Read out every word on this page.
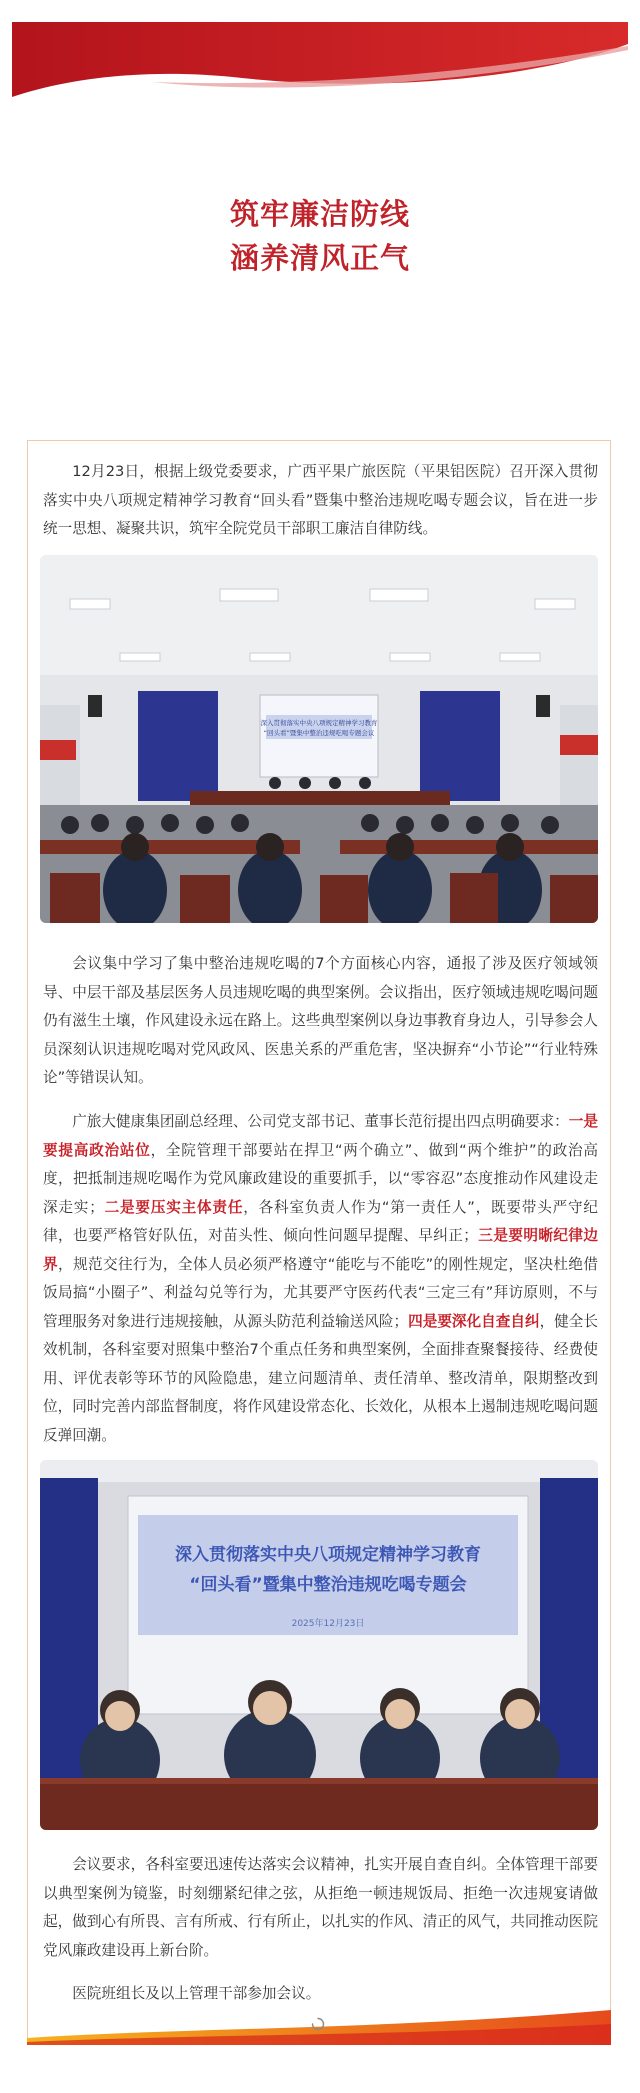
筑牢廉洁防线
涵养清风正气

12月23日，根据上级党委要求，广西平果广旅医院（平果铝医院）召开深入贯彻落实中央八项规定精神学习教育“回头看”暨集中整治违规吃喝专题会议，旨在进一步统一思想、凝聚共识，筑牢全院党员干部职工廉洁自律防线。

深入贯彻落实中央八项规定精神学习教育
“回头看”暨集中整治违规吃喝专题会议

会议集中学习了集中整治违规吃喝的7个方面核心内容，通报了涉及医疗领域领导、中层干部及基层医务人员违规吃喝的典型案例。会议指出，医疗领域违规吃喝问题仍有滋生土壤，作风建设永远在路上。这些典型案例以身边事教育身边人，引导参会人员深刻认识违规吃喝对党风政风、医患关系的严重危害，坚决摒弃“小节论”“行业特殊论”等错误认知。

广旅大健康集团副总经理、公司党支部书记、董事长范衍提出四点明确要求：一是要提高政治站位，全院管理干部要站在捍卫“两个确立”、做到“两个维护”的政治高度，把抵制违规吃喝作为党风廉政建设的重要抓手，以“零容忍”态度推动作风建设走深走实；二是要压实主体责任，各科室负责人作为“第一责任人”，既要带头严守纪律，也要严格管好队伍，对苗头性、倾向性问题早提醒、早纠正；三是要明晰纪律边界，规范交往行为，全体人员必须严格遵守“能吃与不能吃”的刚性规定，坚决杜绝借饭局搞“小圈子”、利益勾兑等行为，尤其要严守医药代表“三定三有”拜访原则，不与管理服务对象进行违规接触，从源头防范利益输送风险；四是要深化自查自纠，健全长效机制，各科室要对照集中整治7个重点任务和典型案例，全面排查聚餐接待、经费使用、评优表彰等环节的风险隐患，建立问题清单、责任清单、整改清单，限期整改到位，同时完善内部监督制度，将作风建设常态化、长效化，从根本上遏制违规吃喝问题反弹回潮。

深入贯彻落实中央八项规定精神学习教育
“回头看”暨集中整治违规吃喝专题会
2025年12月23日

会议要求，各科室要迅速传达落实会议精神，扎实开展自查自纠。全体管理干部要以典型案例为镜鉴，时刻绷紧纪律之弦，从拒绝一顿违规饭局、拒绝一次违规宴请做起，做到心有所畏、言有所戒、行有所止，以扎实的作风、清正的风气，共同推动医院党风廉政建设再上新台阶。

医院班组长及以上管理干部参加会议。
